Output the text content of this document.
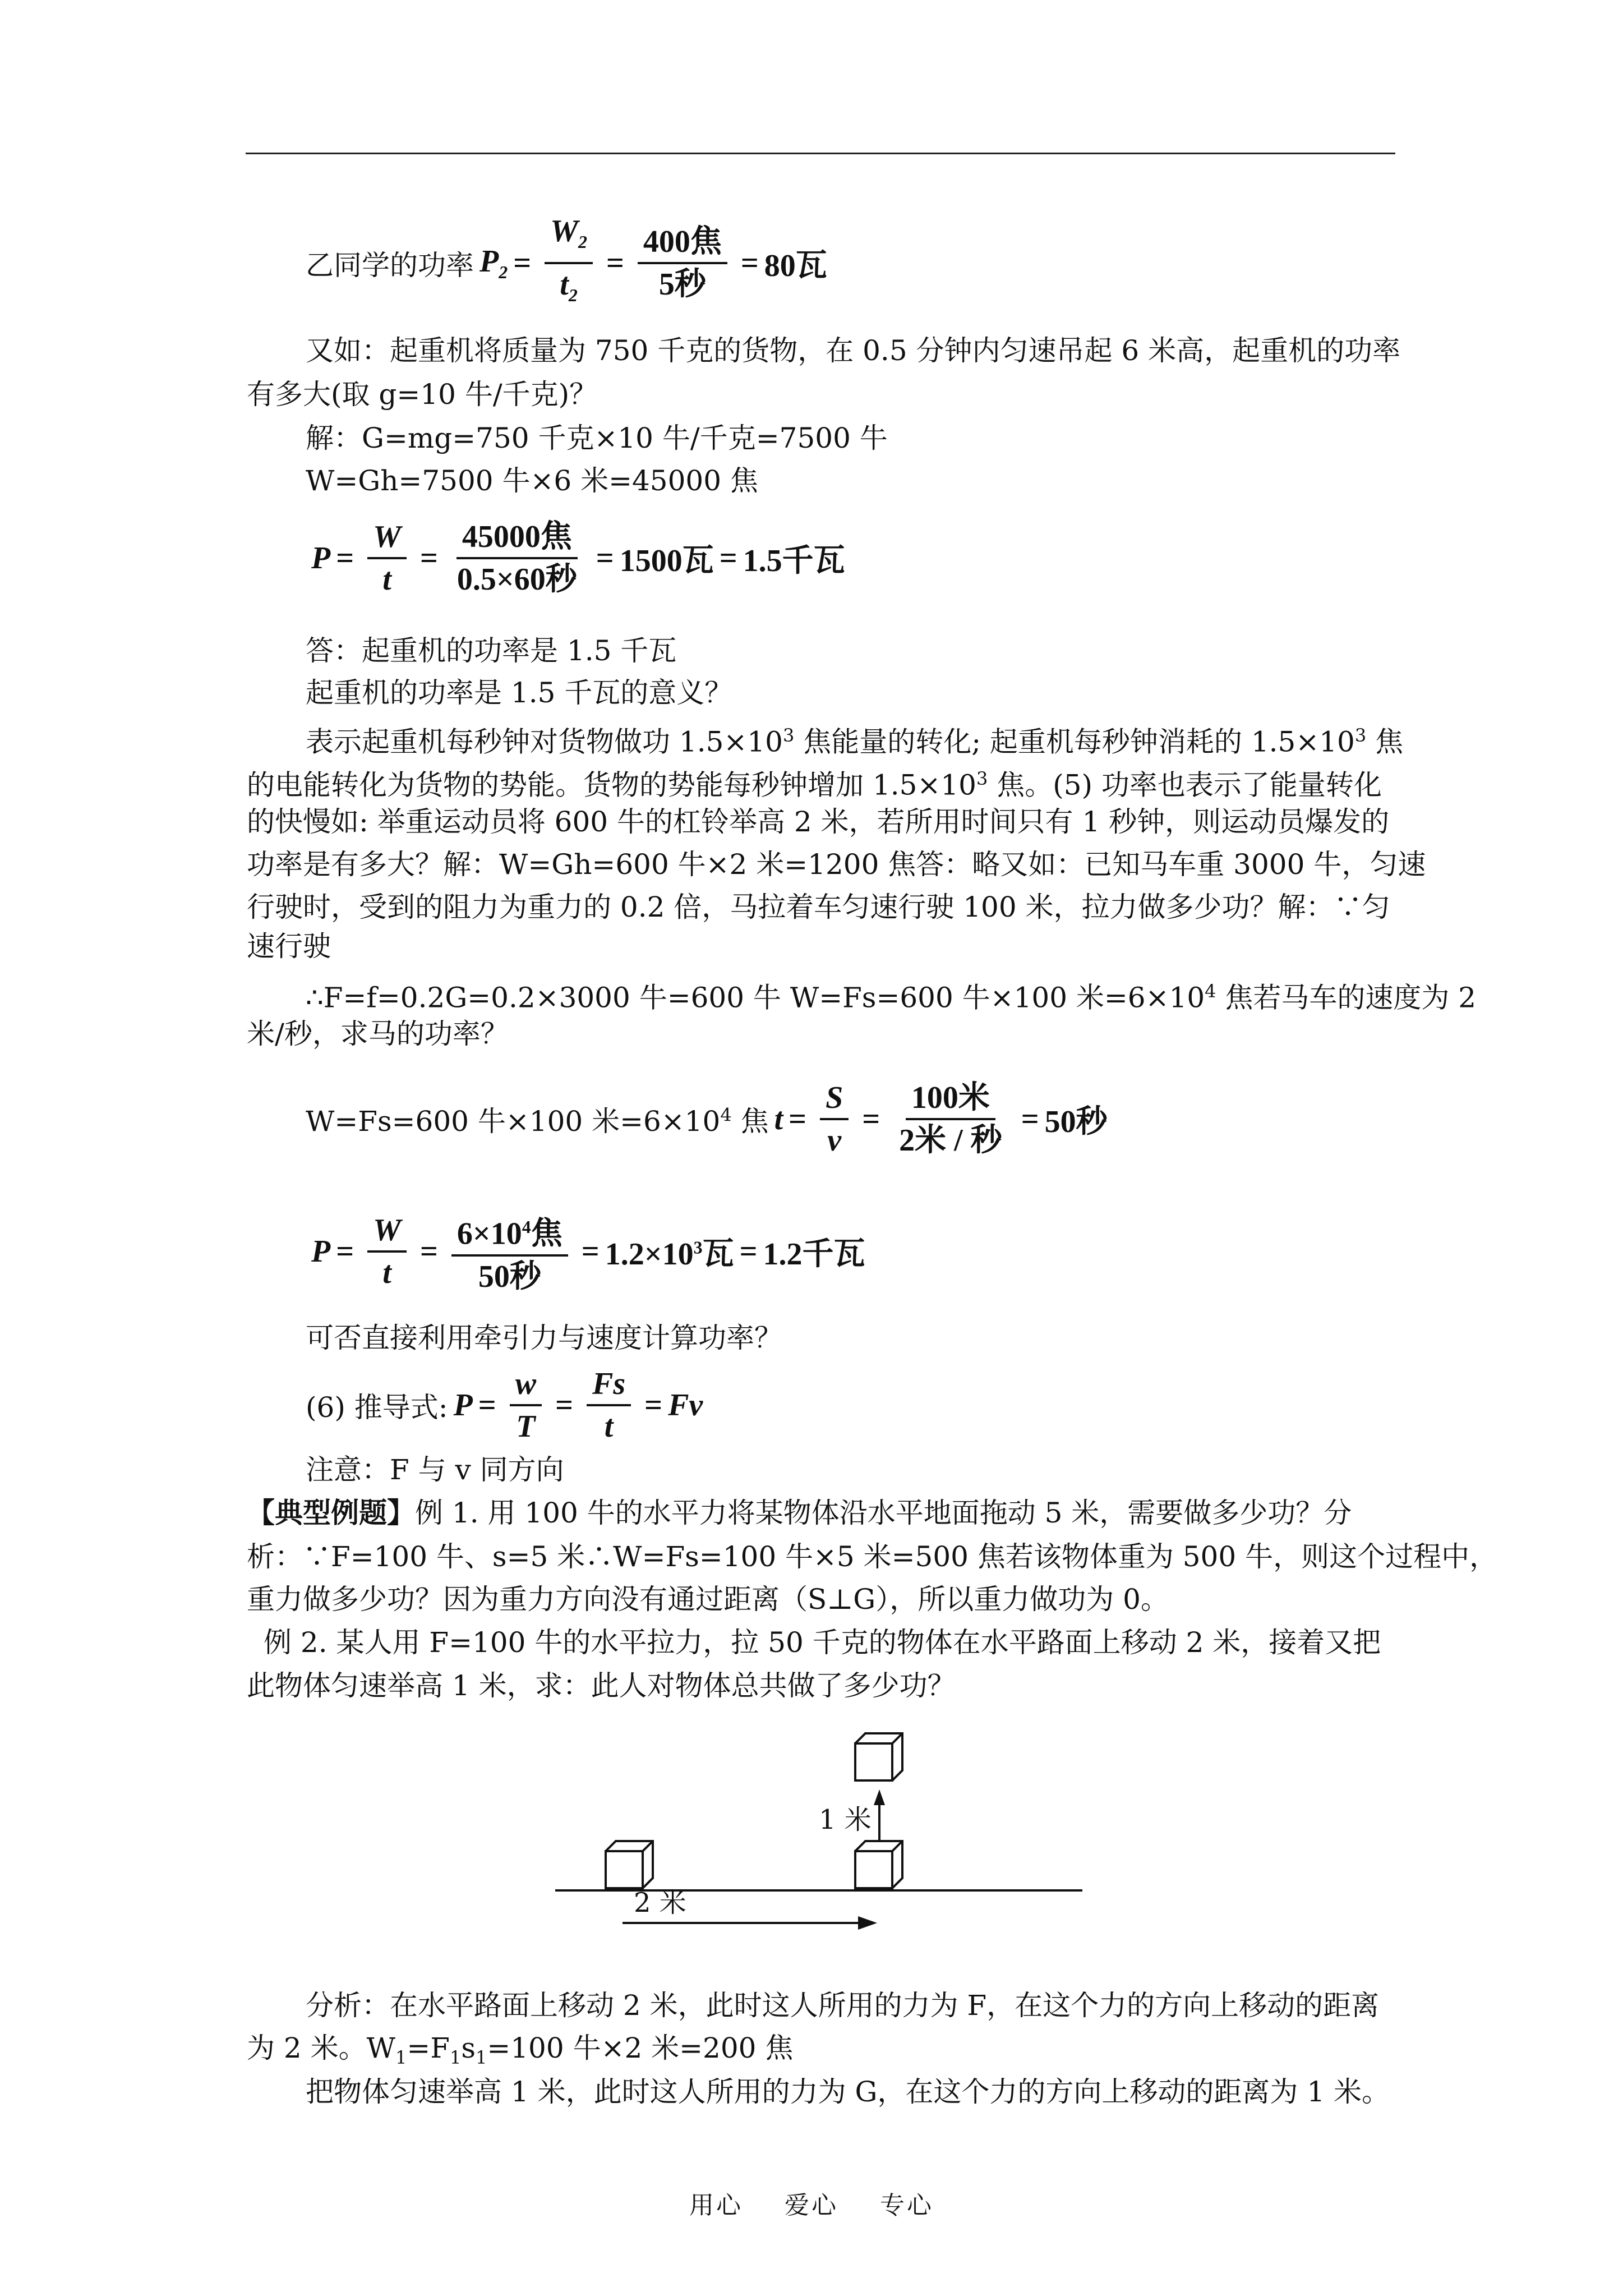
乙同学的功率 $P_2 = \frac{W_2}{t_2} = \frac{\text{400焦}}{\text{5秒}} = 80$瓦
又如：起重机将质量为 750 千克的货物，在 0.5 分钟内匀速吊起 6 米高，起重机的功率
有多大(取 g=10 牛/千克)？
解：G=mg=750 千克×10 牛/千克=7500 牛
W=Gh=7500 牛×6 米=45000 焦
$P = \frac{W}{t} = \frac{\text{45000焦}}{\text{0.5×60秒}} = 1500$瓦 = 1.5千瓦
答：起重机的功率是 1.5 千瓦
起重机的功率是 1.5 千瓦的意义？
表示起重机每秒钟对货物做功 $1.5\times 10^3$ 焦能量的转化; 起重机每秒钟消耗的 $1.5\times 10^3$ 焦
的电能转化为货物的势能。货物的势能每秒钟增加 $1.5\times 10^3$ 焦。(5) 功率也表示了能量转化
的快慢如: 举重运动员将 600 牛的杠铃举高 2 米，若所用时间只有 1 秒钟，则运动员爆发的
功率是有多大？解：W=Gh=600 牛×2 米=1200 焦答：略又如：已知马车重 3000 牛，匀速
行驶时，受到的阻力为重力的 0.2 倍，马拉着车匀速行驶 100 米，拉力做多少功？解：∵匀
速行驶
∴F=f=0.2G=0.2×3000 牛=600 牛 W=Fs=600 牛×100 米$=6\times 10^4$ 焦若马车的速度为 2
米/秒，求马的功率？
W=Fs=600 牛×100 米$=6\times 10^4$ 焦 $t = \frac{S}{v} = \frac{\text{100米}}{\text{2米 / 秒}} = 50$秒
$P = \frac{W}{t} = \frac{6\times 10^4焦}{\text{50秒}} = 1.2\times 10^3$瓦 = 1.2千瓦
可否直接利用牵引力与速度计算功率？
(6) 推导式: $P = \frac{w}{T} = \frac{Fs}{t} = Fv$
注意：F 与 v 同方向
【典型例题】例 1. 用 100 牛的水平力将某物体沿水平地面拖动 5 米，需要做多少功？分
析：∵F=100 牛、s=5 米∴W=Fs=100 牛×5 米=500 焦若该物体重为 500 牛，则这个过程中，
重力做多少功？因为重力方向没有通过距离（S⊥G），所以重力做功为 0。
例 2. 某人用 F=100 牛的水平拉力，拉 50 千克的物体在水平路面上移动 2 米，接着又把
此物体匀速举高 1 米，求：此人对物体总共做了多少功？
1 米
2 米
分析：在水平路面上移动 2 米，此时这人所用的力为 F，在这个力的方向上移动的距离
为 2 米。$W_1=F_1s_1=100$ 牛×2 米=200 焦
把物体匀速举高 1 米，此时这人所用的力为 G，在这个力的方向上移动的距离为 1 米。
用心 爱心 专心
